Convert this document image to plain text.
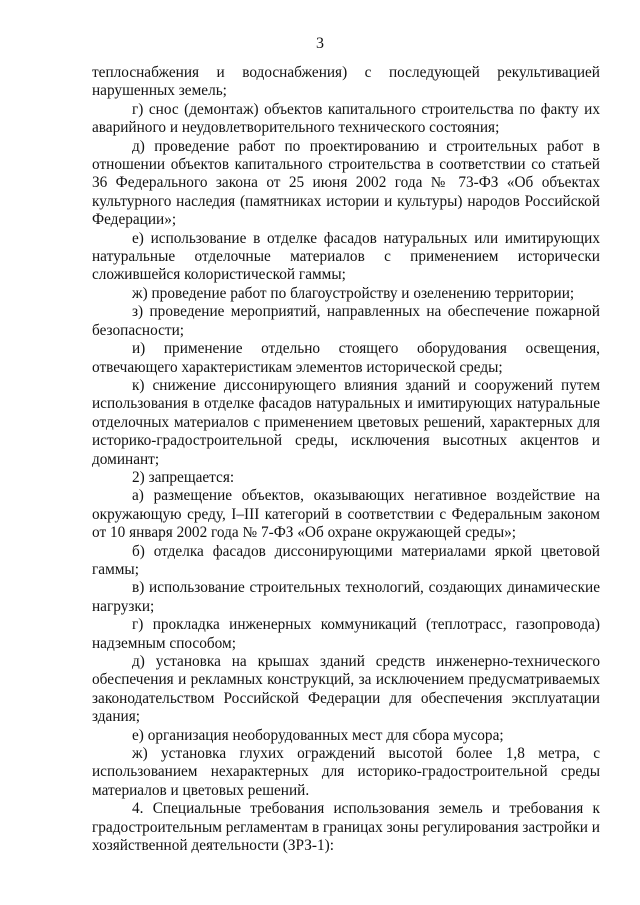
3

теплоснабжения и водоснабжения) с последующей рекультивацией нарушенных земель;

г) снос (демонтаж) объектов капитального строительства по факту их аварийного и неудовлетворительного технического состояния;

д) проведение работ по проектированию и строительных работ в отношении объектов капитального строительства в соответствии со статьей 36 Федерального закона от 25 июня 2002 года № 73-ФЗ «Об объектах культурного наследия (памятниках истории и культуры) народов Российской Федерации»;

е) использование в отделке фасадов натуральных или имитирующих натуральные отделочные материалов с применением исторически сложившейся колористической гаммы;

ж) проведение работ по благоустройству и озеленению территории;

з) проведение мероприятий, направленных на обеспечение пожарной безопасности;

и) применение отдельно стоящего оборудования освещения, отвечающего характеристикам элементов исторической среды;

к) снижение диссонирующего влияния зданий и сооружений путем использования в отделке фасадов натуральных и имитирующих натуральные отделочных материалов с применением цветовых решений, характерных для историко-градостроительной среды, исключения высотных акцентов и доминант;

2) запрещается:

а) размещение объектов, оказывающих негативное воздействие на окружающую среду, I–III категорий в соответствии с Федеральным законом от 10 января 2002 года № 7-ФЗ «Об охране окружающей среды»;

б) отделка фасадов диссонирующими материалами яркой цветовой гаммы;

в) использование строительных технологий, создающих динамические нагрузки;

г) прокладка инженерных коммуникаций (теплотрасс, газопровода) надземным способом;

д) установка на крышах зданий средств инженерно-технического обеспечения и рекламных конструкций, за исключением предусматриваемых законодательством Российской Федерации для обеспечения эксплуатации здания;

е) организация необорудованных мест для сбора мусора;

ж) установка глухих ограждений высотой более 1,8 метра, с использованием нехарактерных для историко-градостроительной среды материалов и цветовых решений.

4. Специальные требования использования земель и требования к градостроительным регламентам в границах зоны регулирования застройки и хозяйственной деятельности (ЗРЗ-1):
